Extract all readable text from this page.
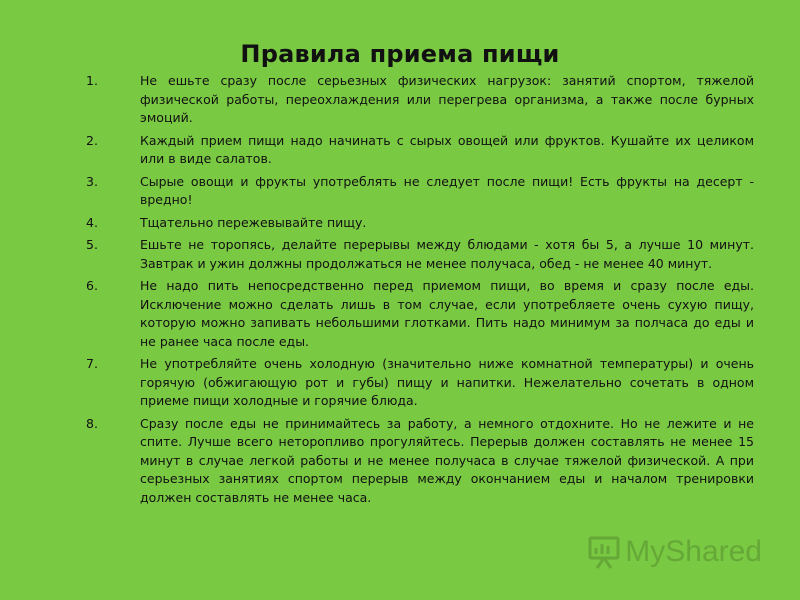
Правила приема пищи
1.	Не ешьте сразу после серьезных физических нагрузок: занятий спортом, тяжелой физической работы, переохлаждения или перегрева организма, а также после бурных эмоций.
2.	Каждый прием пищи надо начинать с сырых овощей или фруктов. Кушайте их целиком или в виде салатов.
3.	Сырые овощи и фрукты употреблять не следует после пищи! Есть фрукты на десерт - вредно!
4.	Тщательно пережевывайте пищу.
5.	Ешьте не торопясь, делайте перерывы между блюдами - хотя бы 5, а лучше 10 минут. Завтрак и ужин должны продолжаться не менее получаса, обед - не менее 40 минут.
6.	Не надо пить непосредственно перед приемом пищи, во время и сразу после еды. Исключение можно сделать лишь в том случае, если употребляете очень сухую пищу, которую можно запивать небольшими глотками. Пить надо минимум за полчаса до еды и не ранее часа после еды.
7.	Не употребляйте очень холодную (значительно ниже комнатной температуры) и очень горячую (обжигающую рот и губы) пищу и напитки. Нежелательно сочетать в одном приеме пищи холодные и горячие блюда.
8.	Сразу после еды не принимайтесь за работу, а немного отдохните. Но не лежите и не спите. Лучше всего неторопливо прогуляйтесь. Перерыв должен составлять не менее 15 минут в случае легкой работы и не менее получаса в случае тяжелой физической. А при серьезных занятиях спортом перерыв между окончанием еды и началом тренировки должен составлять не менее часа.
MyShared
